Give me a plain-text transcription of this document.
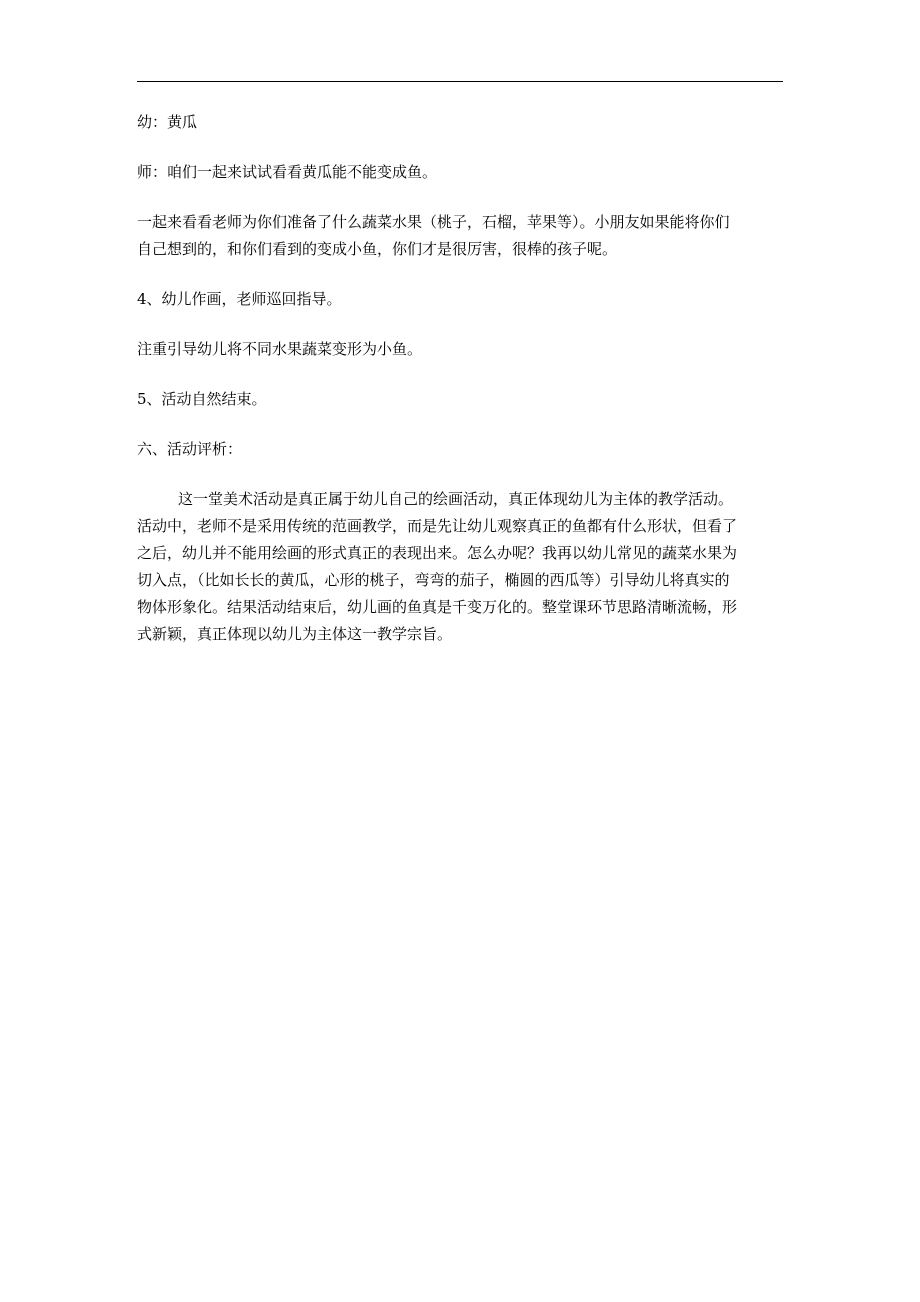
幼：黄瓜

师：咱们一起来试试看看黄瓜能不能变成鱼。

一起来看看老师为你们准备了什么蔬菜水果（桃子，石榴，苹果等）。小朋友如果能将你们
自己想到的，和你们看到的变成小鱼，你们才是很厉害，很棒的孩子呢。

4、幼儿作画，老师巡回指导。

注重引导幼儿将不同水果蔬菜变形为小鱼。

5、活动自然结束。

六、活动评析：

这一堂美术活动是真正属于幼儿自己的绘画活动，真正体现幼儿为主体的教学活动。
活动中，老师不是采用传统的范画教学，而是先让幼儿观察真正的鱼都有什么形状，但看了
之后，幼儿并不能用绘画的形式真正的表现出来。怎么办呢？我再以幼儿常见的蔬菜水果为
切入点，（比如长长的黄瓜，心形的桃子，弯弯的茄子，椭圆的西瓜等）引导幼儿将真实的
物体形象化。结果活动结束后，幼儿画的鱼真是千变万化的。整堂课环节思路清晰流畅，形
式新颖，真正体现以幼儿为主体这一教学宗旨。
